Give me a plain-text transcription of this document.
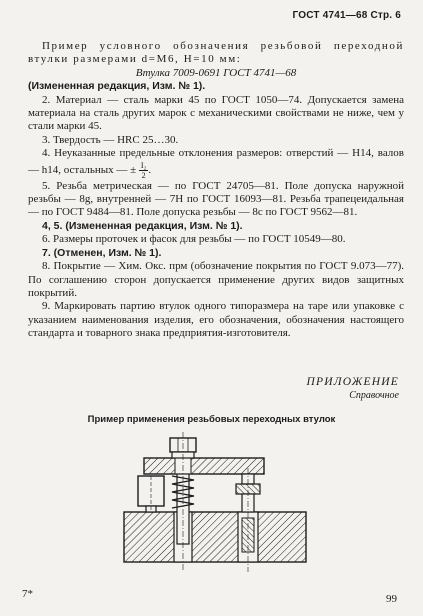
ГОСТ 4741—68 Стр. 6

Пример условного обозначения резьбовой переходной втулки размерами d=M6, H=10 мм:

Втулка 7009-0691 ГОСТ 4741—68

(Измененная редакция, Изм. № 1).

2. Материал — сталь марки 45 по ГОСТ 1050—74. Допускается замена материала на сталь других марок с механическими свойствами не ниже, чем у стали марки 45.

3. Твердость — HRC 25…30.

4. Неуказанные предельные отклонения размеров: отверстий — H14, валов — h14, остальных — ± $\frac{\text{I₂}}{2}$ .

5. Резьба метрическая — по ГОСТ 24705—81. Поле допуска наружной резьбы — 8g, внутренней — 7H по ГОСТ 16093—81. Резьба трапецеидальная — по ГОСТ 9484—81. Поле допуска резьбы — 8c по ГОСТ 9562—81.

4, 5. (Измененная редакция, Изм. № 1).

6. Размеры проточек и фасок для резьбы — по ГОСТ 10549—80.

7. (Отменен, Изм. № 1).

8. Покрытие — Хим. Окс. прм (обозначение покрытия по ГОСТ 9.073—77). По соглашению сторон допускается применение других видов защитных покрытий.

9. Маркировать партию втулок одного типоразмера на таре или упаковке с указанием наименования изделия, его обозначения, обозначения настоящего стандарта и товарного знака предприятия-изготовителя.

ПРИЛОЖЕНИЕ
Справочное
Пример применения резьбовых переходных втулок
7*	99
